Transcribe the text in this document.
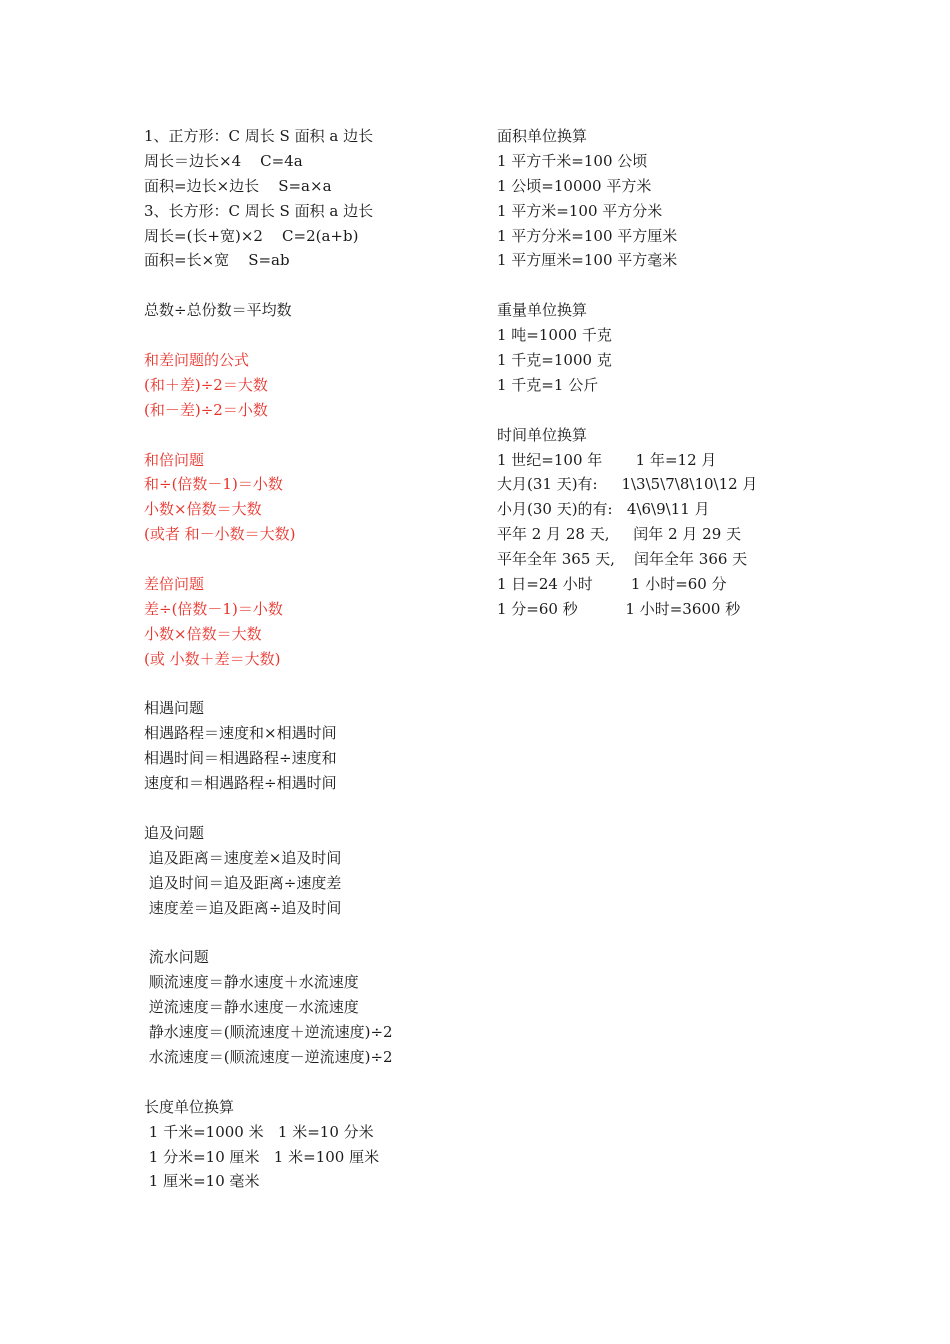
1、正方形：C 周长 S 面积 a 边长
周长＝边长×4    C=4a
面积=边长×边长    S=a×a
3、长方形：C 周长 S 面积 a 边长
周长=(长+宽)×2    C=2(a+b)
面积=长×宽    S=ab
总数÷总份数＝平均数
和差问题的公式
(和＋差)÷2＝大数
(和－差)÷2＝小数
和倍问题
和÷(倍数－1)＝小数
小数×倍数＝大数
(或者 和－小数＝大数)
差倍问题
差÷(倍数－1)＝小数
小数×倍数＝大数
(或 小数＋差＝大数)
相遇问题
相遇路程＝速度和×相遇时间
相遇时间＝相遇路程÷速度和
速度和＝相遇路程÷相遇时间
追及问题
追及距离＝速度差×追及时间
追及时间＝追及距离÷速度差
速度差＝追及距离÷追及时间
流水问题
顺流速度＝静水速度＋水流速度
逆流速度＝静水速度－水流速度
静水速度＝(顺流速度＋逆流速度)÷2
水流速度＝(顺流速度－逆流速度)÷2
长度单位换算
1 千米=1000 米   1 米=10 分米
1 分米=10 厘米   1 米=100 厘米
1 厘米=10 毫米
面积单位换算
1 平方千米=100 公顷
1 公顷=10000 平方米
1 平方米=100 平方分米
1 平方分米=100 平方厘米
1 平方厘米=100 平方毫米
重量单位换算
1 吨=1000 千克
1 千克=1000 克
1 千克=1 公斤
时间单位换算
1 世纪=100 年       1 年=12 月
大月(31 天)有:     1\3\5\7\8\10\12 月
小月(30 天)的有:   4\6\9\11 月
平年 2 月 28 天,     闰年 2 月 29 天
平年全年 365 天,    闰年全年 366 天
1 日=24 小时        1 小时=60 分
1 分=60 秒          1 小时=3600 秒
